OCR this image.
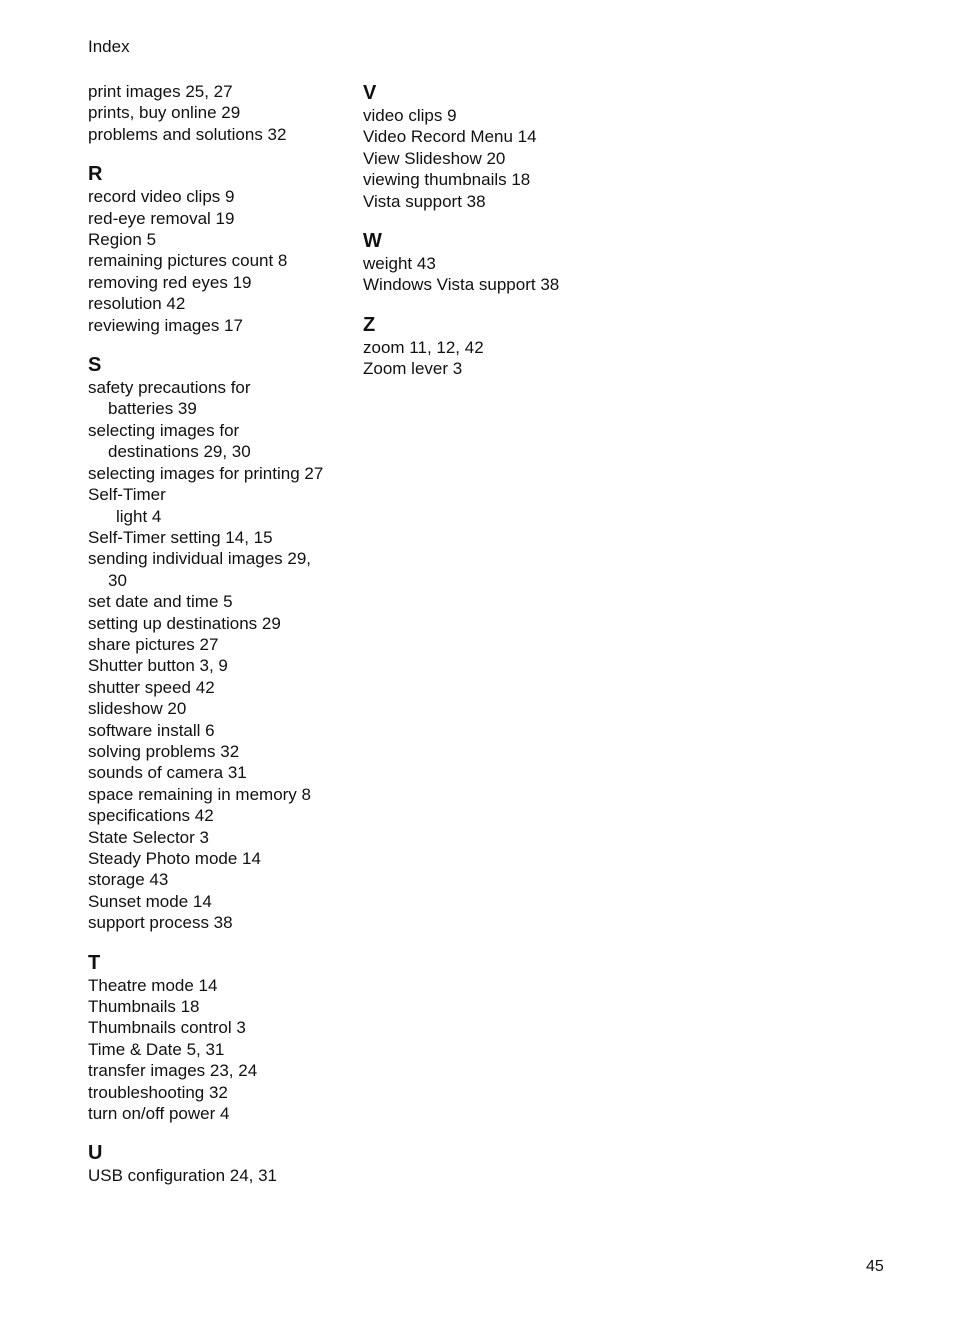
Index
print images 25, 27
prints, buy online 29
problems and solutions 32
R
record video clips 9
red-eye removal 19
Region 5
remaining pictures count 8
removing red eyes 19
resolution 42
reviewing images 17
S
safety precautions for
batteries 39
selecting images for
destinations 29, 30
selecting images for printing 27
Self-Timer
light 4
Self-Timer setting 14, 15
sending individual images 29,
30
set date and time 5
setting up destinations 29
share pictures 27
Shutter button 3, 9
shutter speed 42
slideshow 20
software install 6
solving problems 32
sounds of camera 31
space remaining in memory 8
specifications 42
State Selector 3
Steady Photo mode 14
storage 43
Sunset mode 14
support process 38
T
Theatre mode 14
Thumbnails 18
Thumbnails control 3
Time & Date 5, 31
transfer images 23, 24
troubleshooting 32
turn on/off power 4
U
USB configuration 24, 31
V
video clips 9
Video Record Menu 14
View Slideshow 20
viewing thumbnails 18
Vista support 38
W
weight 43
Windows Vista support 38
Z
zoom 11, 12, 42
Zoom lever 3
45
